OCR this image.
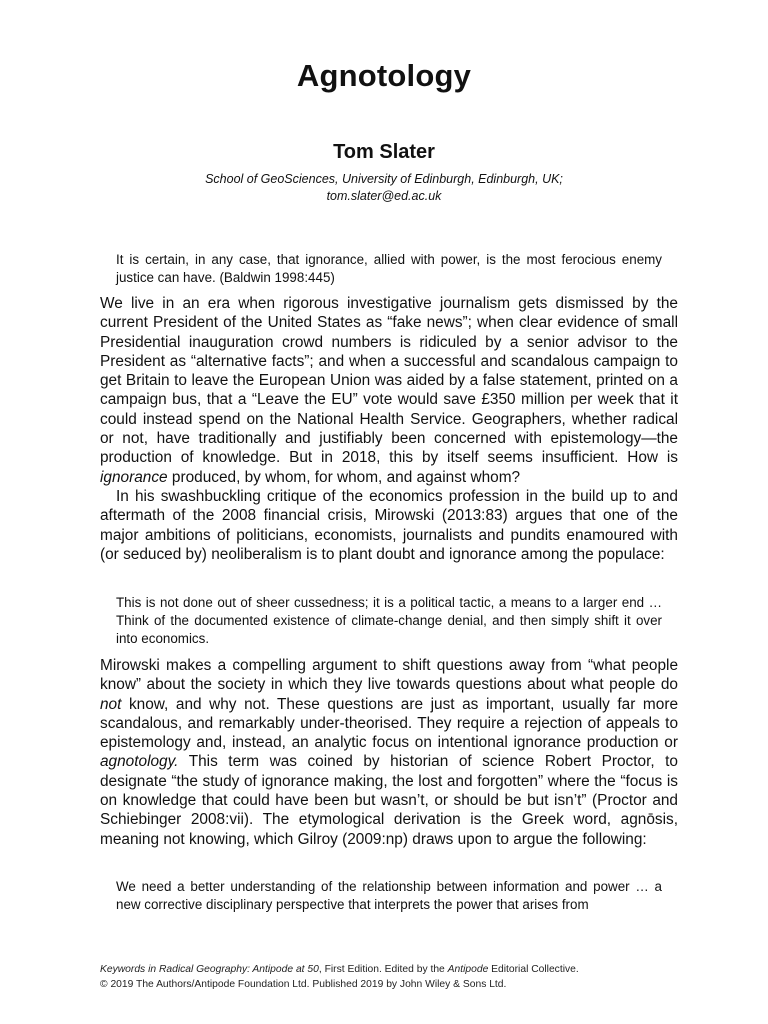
Agnotology
Tom Slater
School of GeoSciences, University of Edinburgh, Edinburgh, UK;
tom.slater@ed.ac.uk
It is certain, in any case, that ignorance, allied with power, is the most ferocious enemy justice can have. (Baldwin 1998:445)

We live in an era when rigorous investigative journalism gets dismissed by the current President of the United States as “fake news”; when clear evidence of small Presidential inauguration crowd numbers is ridiculed by a senior advisor to the President as “alternative facts”; and when a successful and scandalous campaign to get Britain to leave the European Union was aided by a false statement, printed on a campaign bus, that a “Leave the EU” vote would save £350 million per week that it could instead spend on the National Health Service. Geographers, whether radical or not, have traditionally and justifiably been concerned with epistemology—the production of knowledge. But in 2018, this by itself seems insufficient. How is ignorance produced, by whom, for whom, and against whom?

In his swashbuckling critique of the economics profession in the build up to and aftermath of the 2008 financial crisis, Mirowski (2013:83) argues that one of the major ambitions of politicians, economists, journalists and pundits enamoured with (or seduced by) neoliberalism is to plant doubt and ignorance among the populace:

This is not done out of sheer cussedness; it is a political tactic, a means to a larger end … Think of the documented existence of climate-change denial, and then simply shift it over into economics.

Mirowski makes a compelling argument to shift questions away from “what people know” about the society in which they live towards questions about what people do not know, and why not. These questions are just as important, usually far more scandalous, and remarkably under-theorised. They require a rejection of appeals to epistemology and, instead, an analytic focus on intentional ignorance production or agnotology. This term was coined by historian of science Robert Proctor, to designate “the study of ignorance making, the lost and forgotten” where the “focus is on knowledge that could have been but wasn’t, or should be but isn’t” (Proctor and Schiebinger 2008:vii). The etymological derivation is the Greek word, agnōsis, meaning not knowing, which Gilroy (2009:np) draws upon to argue the following:

We need a better understanding of the relationship between information and power … a new corrective disciplinary perspective that interprets the power that arises from
Keywords in Radical Geography: Antipode at 50, First Edition. Edited by the Antipode Editorial Collective.
© 2019 The Authors/Antipode Foundation Ltd. Published 2019 by John Wiley & Sons Ltd.
